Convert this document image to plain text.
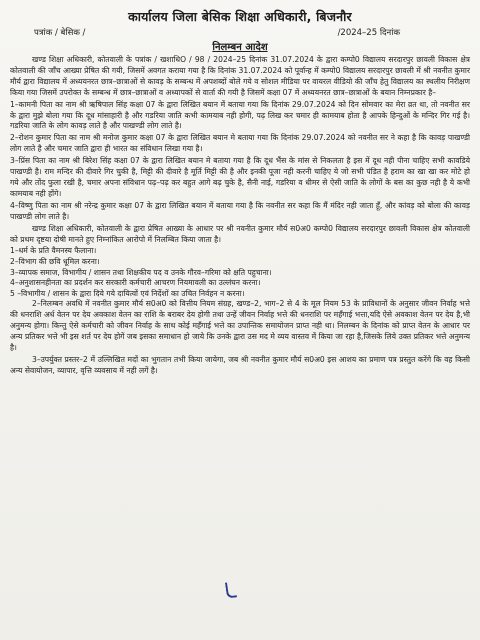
कार्यालय जिला बेसिक शिक्षा अधिकारी, बिजनौर
पत्रांक / बेसिक /	/2024–25 दिनांक
निलम्बन आदेश

खण्ड शिक्षा अधिकारी, कोतवाली के पत्रांक / खशाधिO / 98 / 2024–25 दिनांक 31.07.2024 के द्वारा कम्पो0 विद्यालय सरदारपुर छावली विकास क्षेत्र कोतवाली की जाँच आख्या प्रेषित की गयी, जिसमें अवगत कराया गया है कि दिनांक 31.07.2024 को पूर्वान्ह में कम्पो0 विद्यालय सरदारपुर छावली में श्री नवनीत कुमार मौर्य द्वारा विद्यालय में अध्ययनरत छात्र–छात्राओं से कावड़ के सम्बन्ध में अपशब्दों बोले गये व सोशल मीडिया पर वायरल वीडियो की जाँच हेतु विद्यालय का स्थलीय निरीक्षण किया गया जिसमें उपरोक्त के सम्बन्ध में छात्र–छात्राओं व अध्यापकों से वार्ता की गयी है जिसमें कक्षा 07 में अध्ययनरत छात्र–छात्राओं के बयान निम्नप्रकार है–

1–कामनी पिता का नाम श्री ऋषिपाल सिंह कक्षा 07 के द्वारा लिखित बयान में बताया गया कि दिनांक 29.07.2024 को दिन सोमवार का मेरा व्रत था, तो नवनीत सर के द्वारा मुझे बोला गया कि दूध मांसाहारी है और गडरिया जाति कभी कामयाब नही होगी, पढ़ लिख कर चमार ही कामयाब होता है आपके हिन्दुओं के मन्दिर गिर गई है। गडरिया जाति के लोग कावड़ लाते है और पाखण्डी लोग लाते है।

2–रोशन कुमार पिता का नाम श्री मनोज कुमार कक्षा 07 के द्वारा लिखित बयान मे बताया गया कि दिनांक 29.07.2024 को नवनीत सर ने कहा है कि कावड़ पाखण्डी लोग लाते है और चमार जाति द्वारा ही भारत का संविधान लिखा गया है।

3–प्रिंस पिता का नाम श्री बिरेश सिंह कक्षा 07 के द्वारा लिखित बयान मे बताया गया है कि दूध भैंस के मांस से निकलता है इस में दूध नही पीना चाहिए सभी कावडिये पाखण्डी है। राम मन्दिर की दीवारे गिर चुकी है, मिट्टी की दीवारे है मूर्ति मिट्टी की है और इनकी पूजा नही करनी चाहिए ये जो सभी पंडित है हराम का खा खा कर मोटे हो गये और तोंद फुला रखी है, चमार अपना संविधान पढ़–पढ़ कर बहुत आगे बढ़ चुके है, सैनी नाई, गडरिया व धीमर से ऐसी जाति के लोगों के बस का कुछ नही है ये कभी कामयाब नही होंगे।

4–विष्णु पिता का नाम श्री नरेन्द्र कुमार कक्षा 07 के द्वारा लिखित बयान में बताया गया है कि नवनीत सर कहा कि मैं मंदिर नही जाता हूँ, और कांवड़ को बोला की कावड़ पाखण्डी लोग लाते है।

खण्ड शिक्षा अधिकारी, कोतवाली के द्वारा प्रेषित आख्या के आधार पर श्री नवनीत कुमार मौर्य स0अ0 कम्पो0 विद्यालय सरदारपुर छावली विकास क्षेत्र कोतवाली को प्रथम दृष्टया दोषी मानते हुए निम्नांकित आरोपो में निलम्बित किया जाता है।

1–धर्म के प्रति वैमनस्य फैलाना।

2–विभाग की छवि धूमिल करना।

3–व्यापक समाज, विभागीय / शासन तथा शिक्षकीय पद व उनके गौरव–गरिमा को क्षति पहुचाना।

4–अनुशासनहीनता का प्रदर्शन कर सरकारी कर्मचारी आचरण नियमावली का उल्लंघन करना।

5 –विभागीय / शासन के द्वारा दिये गये दायित्वों एवं निर्देशों का उचित निर्वहन न करना।

2–निलम्बन अवधि में नवनीत कुमार मौर्य स0अ0 को वित्तीय नियम संग्रह, खण्ड–2, भाग–2 से 4 के मूल नियम 53 के प्राविधानों के अनुसार जीवन निर्वाह भत्ते की धनराशि अर्ध वेतन पर देय अवकाश वेतन का राशि के बराबर देय होगी तथा उन्हें जीवन निर्वाह भत्ते की धनराशि पर महँगाई भत्ता,यदि ऐसे अवकाश वेतन पर देय है,भी अनुमन्य होगा। किन्तु ऐसे कर्मचारी को जीवन निर्वाह के साथ कोई महँगाई भत्ते का उपान्तिक समायोजन प्राप्त नही था। निलम्बन के दिनांक को प्राप्त वेतन के आधार पर अन्य प्रतिकर भत्ते भी इस शर्त पर देय होगें जब इसका समाधान हो जाये कि उनके द्वारा उस मद मे व्यय वास्तव में किया जा रहा है,जिसके लिये उक्त प्रतिकर भत्ते अनुमन्य है।

3–उपर्युक्त प्रस्तर–2 में उल्लिखित मदों का भुगतान तभी किया जायेगा, जब श्री नवनीत कुमार मौर्य स0अ0 इस आशय का प्रमाण पत्र प्रस्तुत करेंगे कि वह किसी अन्य सेवायोजन, व्यापार, वृत्ति व्यवसाय में नही लगें है।
